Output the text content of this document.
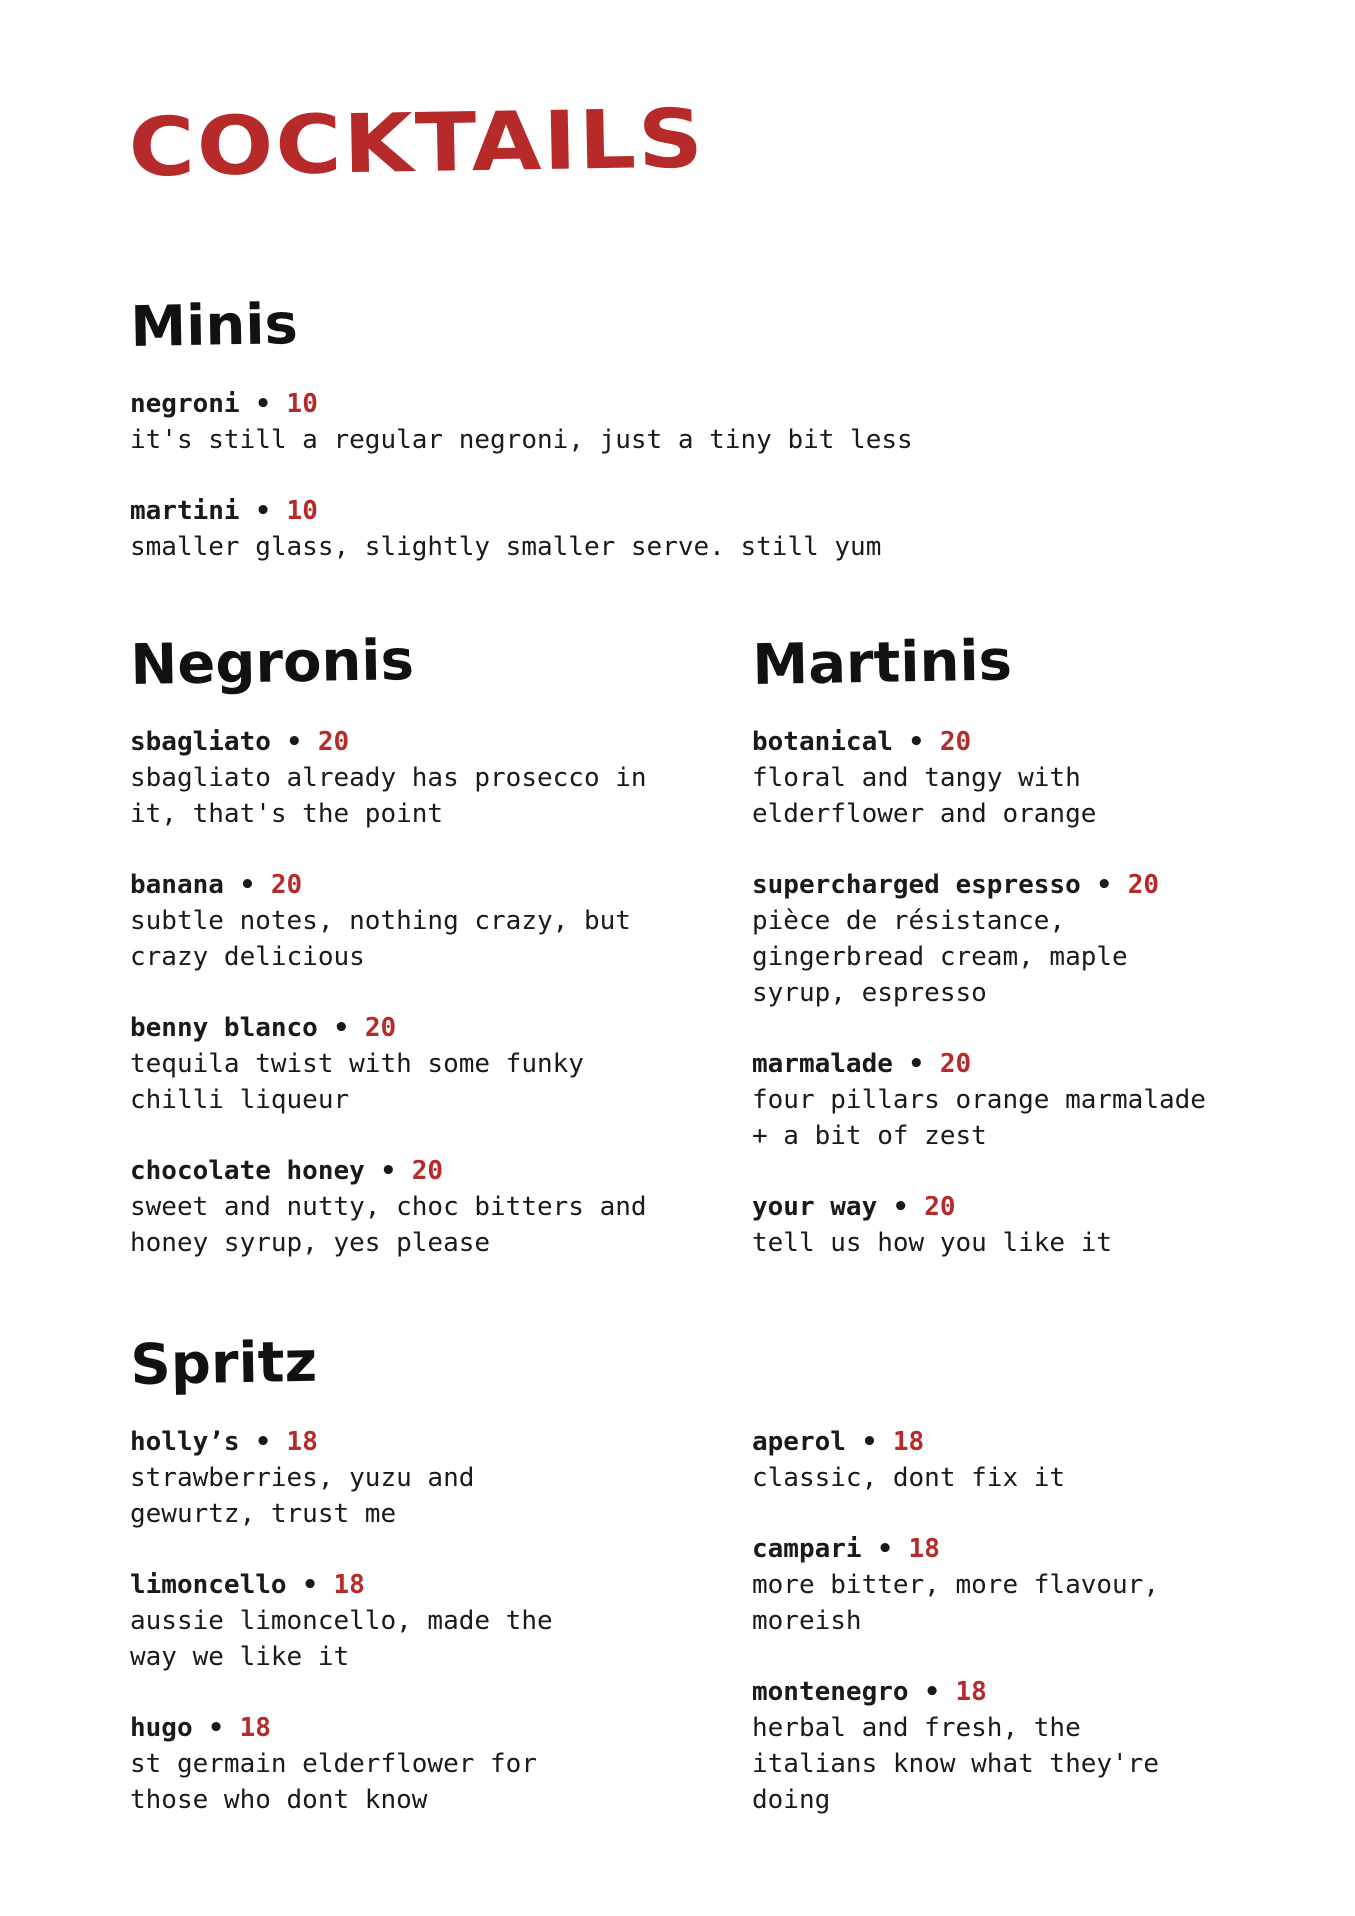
COCKTAILS
Minis
negroni • 10
it's still a regular negroni, just a tiny bit less
martini • 10
smaller glass, slightly smaller serve. still yum
Negronis
sbagliato • 20
sbagliato already has prosecco in
it, that's the point
banana • 20
subtle notes, nothing crazy, but
crazy delicious
benny blanco • 20
tequila twist with some funky
chilli liqueur
chocolate honey • 20
sweet and nutty, choc bitters and
honey syrup, yes please
Martinis
botanical • 20
floral and tangy with
elderflower and orange
supercharged espresso • 20
pièce de résistance,
gingerbread cream, maple
syrup, espresso
marmalade • 20
four pillars orange marmalade
+ a bit of zest
your way • 20
tell us how you like it
Spritz
holly’s • 18
strawberries, yuzu and
gewurtz, trust me
limoncello • 18
aussie limoncello, made the
way we like it
hugo • 18
st germain elderflower for
those who dont know
aperol • 18
classic, dont fix it
campari • 18
more bitter, more flavour,
moreish
montenegro • 18
herbal and fresh, the
italians know what they're
doing
